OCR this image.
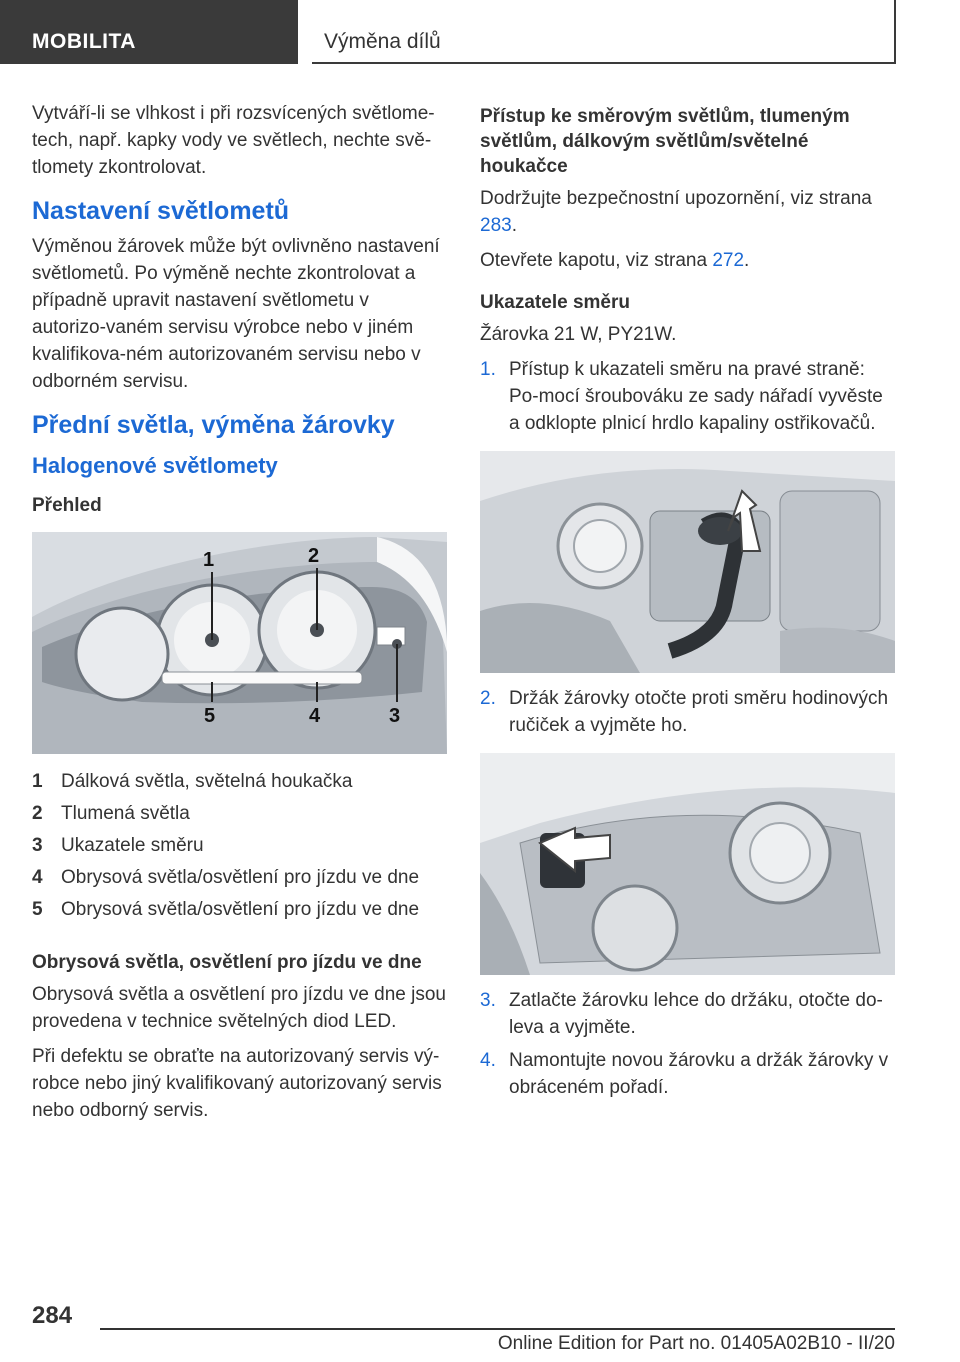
MOBILITA	Výměna dílů

Vytváří-li se vlhkost i při rozsvícených světlome-tech, např. kapky vody ve světlech, nechte svě-tlomety zkontrolovat.

Nastavení světlometů

Výměnou žárovek může být ovlivněno nastavení světlometů. Po výměně nechte zkontrolovat a případně upravit nastavení světlometu v autorizo-vaném servisu výrobce nebo v jiném kvalifikova-ném autorizovaném servisu nebo v odborném servisu.

Přední světla, výměna žárovky
Halogenové světlomety
Přehled
1	2
3
4
5
1 Dálková světla, světelná houkačka
2 Tlumená světla
3 Ukazatele směru
4 Obrysová světla/osvětlení pro jízdu ve dne
5 Obrysová světla/osvětlení pro jízdu ve dne
Obrysová světla, osvětlení pro jízdu ve dne

Obrysová světla a osvětlení pro jízdu ve dne jsou provedena v technice světelných diod LED.

Při defektu se obraťte na autorizovaný servis vý-robce nebo jiný kvalifikovaný autorizovaný servis nebo odborný servis.

Přístup ke směrovým světlům, tlumeným světlům, dálkovým světlům/světelné houkačce

Dodržujte bezpečnostní upozornění, viz strana 283.

Otevřete kapotu, viz strana 272.

Ukazatele směru

Žárovka 21 W, PY21W.

1. Přístup k ukazateli směru na pravé straně: Po-mocí šroubováku ze sady nářadí vyvěste a odklopte plnicí hrdlo kapaliny ostřikovačů.
2. Držák žárovky otočte proti směru hodinových ručiček a vyjměte ho.
3. Zatlačte žárovku lehce do držáku, otočte do-leva a vyjměte.
4. Namontujte novou žárovku a držák žárovky v obráceném pořadí.
284
Online Edition for Part no. 01405A02B10 - II/20
